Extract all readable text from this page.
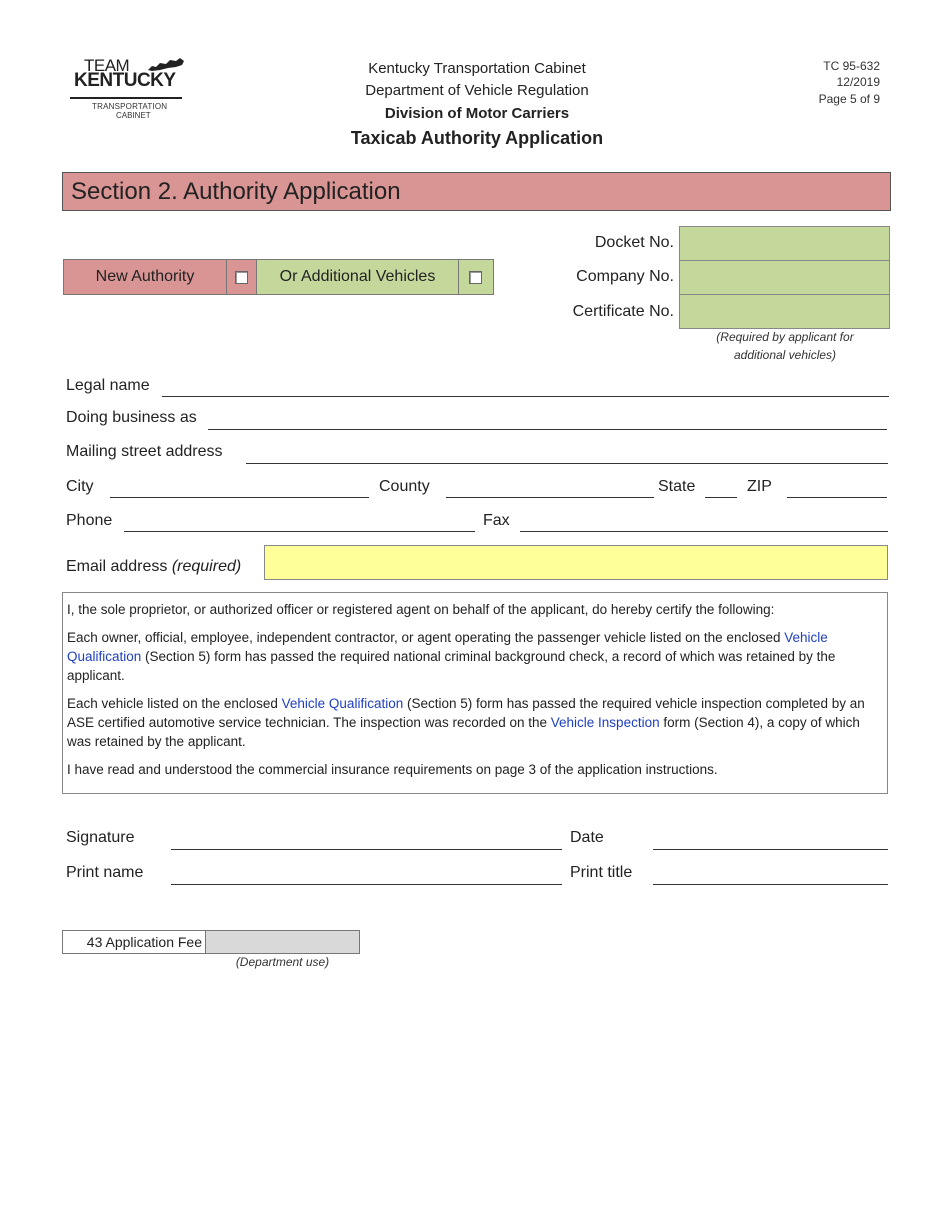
TEAM
KENTUCKY
TRANSPORTATION
CABINET
Kentucky Transportation Cabinet
Department of Vehicle Regulation
Division of Motor Carriers
Taxicab Authority Application
TC 95-632
12/2019
Page 5 of 9
Section 2. Authority Application
New Authority	Or Additional Vehicles
Docket No.
Company No.
Certificate No.
(Required by applicant for
additional vehicles)
Legal name
Doing business as
Mailing street address
City	County	State	ZIP
Phone	Fax
Email address (required)

I, the sole proprietor, or authorized officer or registered agent on behalf of the applicant, do hereby certify the following:

Each owner, official, employee, independent contractor, or agent operating the passenger vehicle listed on the enclosed Vehicle Qualification (Section 5) form has passed the required national criminal background check, a record of which was retained by the applicant.

Each vehicle listed on the enclosed Vehicle Qualification (Section 5) form has passed the required vehicle inspection completed by an ASE certified automotive service technician. The inspection was recorded on the Vehicle Inspection form (Section 4), a copy of which was retained by the applicant.

I have read and understood the commercial insurance requirements on page 3 of the application instructions.

Signature	Date
Print name	Print title
43 Application Fee
(Department use)
